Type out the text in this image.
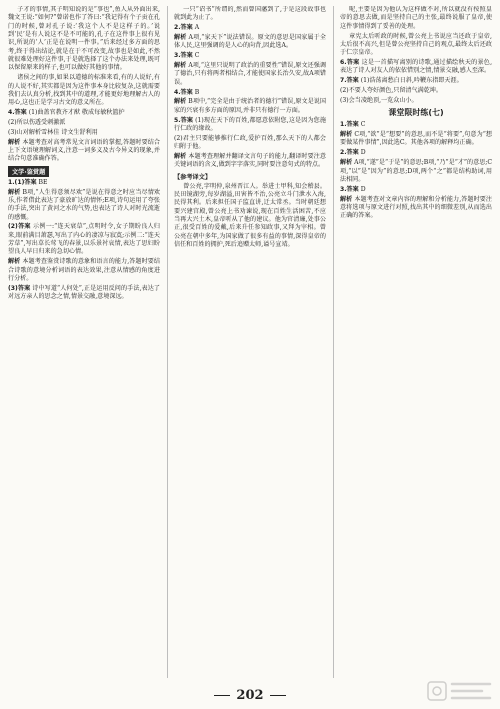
子才的事情,其子明知说的是“事也”,鱼人从外面出来,魏文王说:“如何?”曾诺也作了答曰:“我记得有个子贡在孔门的时候,曾对孔子说:‘我这个人不是这样子的。’说到‘民’是有人说这不是不可能的,孔子在这件事上很有见识,所说的‘人’正是在说明一件事。”后来经过多方面的思考,终于得出结论,就是在于不可改变,故事也是如此,不然就很难处理好这件事,于是就选择了这个办法来处理,既可以保留原来的样子,也可以做好其他的事情。

诸侯之间的事,如果以道德的标准来看,有的人说好,有的人说不好,其实都是因为这件事本身比较复杂,这就需要我们去认真分析,找到其中的道理,才能更好地理解古人的用心,这也正是学习古文的意义所在。

4.答案 (1)曲盖官教齐才猷 敬成每敏秋篮护

(2)所以伤透受刺激派

(3)山对解析雪林佳 诗文生舒利用

解析 本题考查对高考常见文言词语的掌握,答题时要结合上下文语境理解词义,注意一词多义及古今异义的现象,并结合句意准确作答。

文学·鉴赏题

1.(1)答案 BE

解析 B项,“人生得意须尽欢”是说在得意之时应当尽情欢乐,作者借此表达了豪放旷达的情怀;E项,诗句运用了夸张的手法,突出了黄河之水的气势,也表达了诗人对时光流逝的感慨。

(2)答案 示例一:“连天衰草”,点明时令,女子期盼良人归来,眼前满目萧瑟,写出了内心的凄凉与寂寞;示例二:“连天芳草”,写出草长莺飞的春景,以乐景衬哀情,表达了思妇盼望良人早日归来的急切心情。

解析 本题考查鉴赏诗歌的意象和语言的能力,答题时要结合诗歌的意境分析词语的表达效果,注意从情感的角度进行分析。

(3)答案 诗中写道“人何处”,正是运用反问的手法,表达了对远方亲人的思念之情,情景交融,意境深远。

一只“诏书”所谓的,然而曾国藩到了,于是这段故事也就到此为止了。

2.答案 A

解析 A项,“家天下”说法错误。原文的意思是国家属于全体人民,这里强调的是人心的向背,因此选A。

3.答案 C

解析 A项,“这里只说明了政治的重要性”错误,原文还强调了德治,只有将两者相结合,才能使国家长治久安,故A项错误。

4.答案 B

解析 B项中,“完全是由于统治者的德行”错误,原文是说国家的兴衰有多方面的原因,并非只有德行一方面。

5.答案 (1)现在天下的百姓,都愿意依附您,这是因为您施行仁政的缘故。

(2)君主只要能够推行仁政,爱护百姓,那么天下的人都会归附于他。

解析 本题考查理解并翻译文言句子的能力,翻译时要注意关键词语的含义,做到字字落实,同时要注意句式的特点。

【参考译文】

曾公亮,字明仲,泉州晋江人。举进士甲科,知会稽县。民田镜湖旁,每岁湖溢,田害皆不治,公亮立斗门泄水入海,民得其利。后来担任国子监直讲,迁太常丞。当时朝廷想要兴建宫殿,曾公亮上书劝谏说,现在百姓生活困苦,不应当再大兴土木,皇帝听从了他的建议。他为官清廉,处事公正,很受百姓的爱戴,后来升任参知政事,又拜为宰相。曾公亮在朝中多年,为国家做了很多有益的事情,深得皇帝的信任和百姓的拥护,死后追赠太师,谥号宣靖。

呢,主要是因为他认为这样做不对,所以就没有按照皇帝的意思去做,而是坚持自己的主张,最终说服了皇帝,使这件事情得到了妥善的处理。

章宪太后听政的时候,曾公亮上书说应当还政于皇帝,太后很不高兴,但是曾公亮坚持自己的观点,最终太后还政于仁宗皇帝。

6.答案 这是一首描写离别的诗歌,通过描绘秋天的景色,表达了诗人对友人的依依惜别之情,情景交融,感人至深。

7.答案 (1)浩荡离愁白日斜,吟鞭东指即天涯。

(2)不要人夸好颜色,只留清气满乾坤。

(3)会当凌绝顶,一览众山小。

课堂限时练(七)

1.答案 C

解析 C项,“欲”是“想要”的意思,而不是“将要”,句意为“想要做某件事情”,因此选C。其他各项的解释均正确。

2.答案 D

解析 A项,“遂”是“于是”的意思;B项,“乃”是“才”的意思;C项,“以”是“因为”的意思;D项,两个“之”都是结构助词,用法相同。

3.答案 D

解析 本题考查对文章内容的理解和分析能力,答题时要注意将选项与原文进行对照,找出其中的细微差别,从而选出正确的答案。

202
